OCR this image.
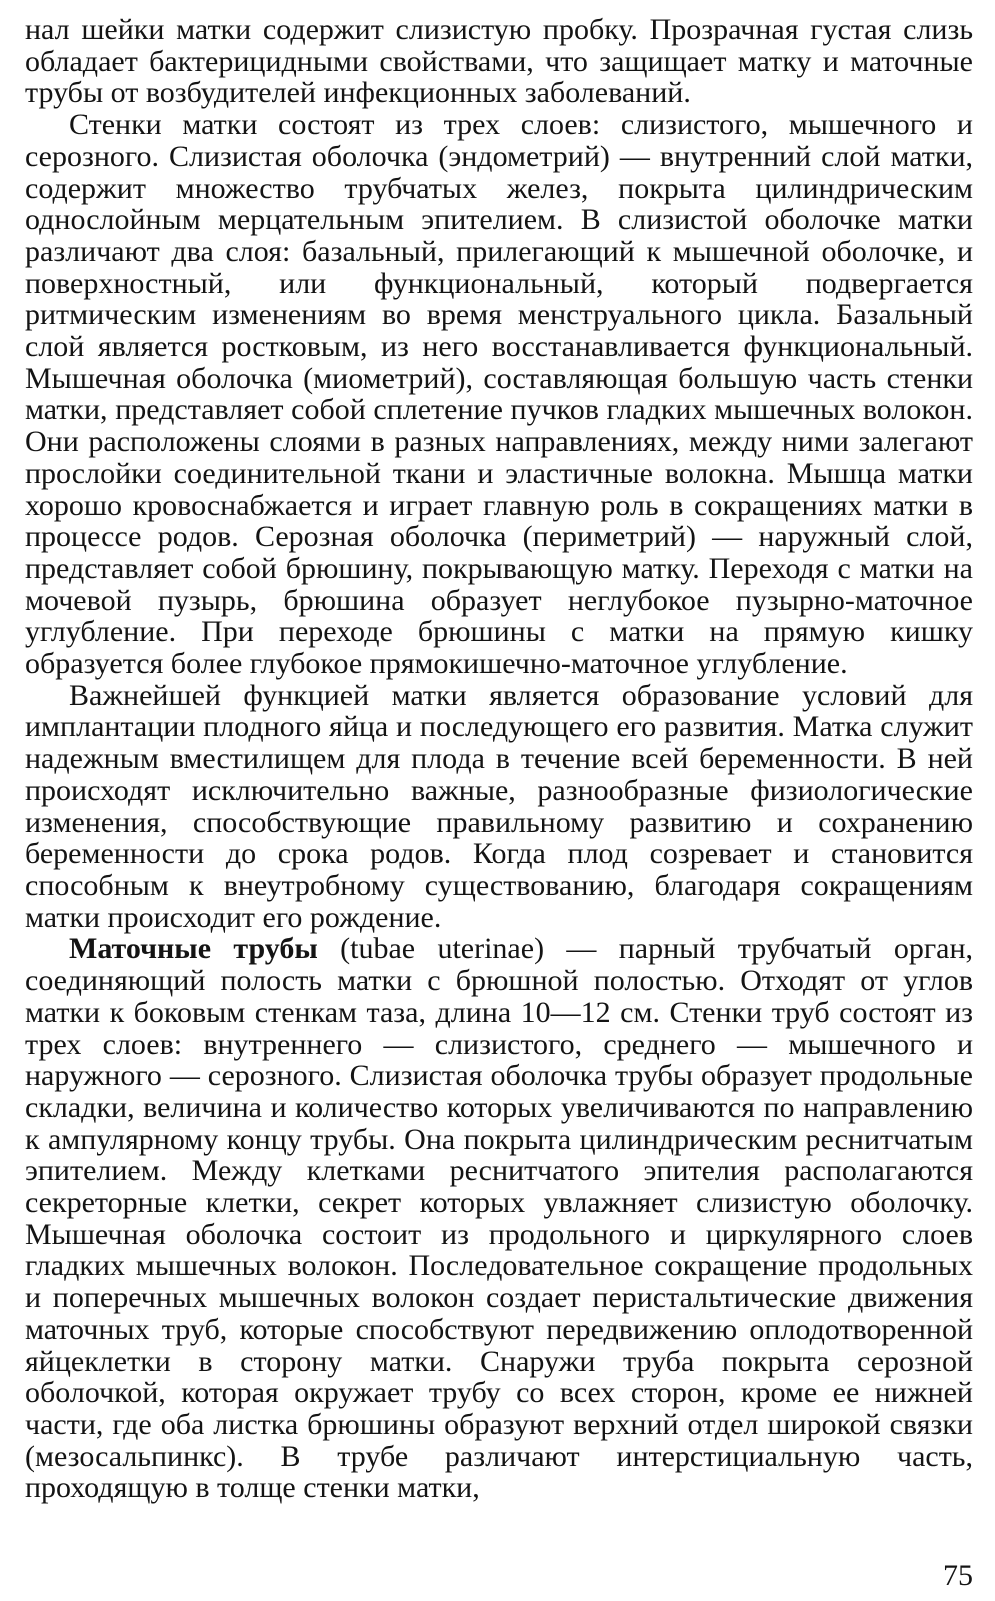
нал шейки матки содержит слизистую пробку. Прозрачная густая слизь обладает бактерицидными свойствами, что защищает матку и маточные трубы от возбудителей инфекционных заболеваний.

Стенки матки состоят из трех слоев: слизистого, мышечного и серозного. Слизистая оболочка (эндометрий) — внутренний слой матки, содержит множество трубчатых желез, покрыта цилиндрическим однослойным мерцательным эпителием. В слизистой оболочке матки различают два слоя: базальный, прилегающий к мышечной оболочке, и поверхностный, или функциональный, который подвергается ритмическим изменениям во время менструального цикла. Базальный слой является ростковым, из него восстанавливается функциональный. Мышечная оболочка (миометрий), составляющая большую часть стенки матки, представляет собой сплетение пучков гладких мышечных волокон. Они расположены слоями в разных направлениях, между ними залегают прослойки соединительной ткани и эластичные волокна. Мышца матки хорошо кровоснабжается и играет главную роль в сокращениях матки в процессе родов. Серозная оболочка (периметрий) — наружный слой, представляет собой брюшину, покрывающую матку. Переходя с матки на мочевой пузырь, брюшина образует неглубокое пузырно-маточное углубление. При переходе брюшины с матки на прямую кишку образуется более глубокое прямокишечно-маточное углубление.

Важнейшей функцией матки является образование условий для имплантации плодного яйца и последующего его развития. Матка служит надежным вместилищем для плода в течение всей беременности. В ней происходят исключительно важные, разнообразные физиологические изменения, способствующие правильному развитию и сохранению беременности до срока родов. Когда плод созревает и становится способным к внеутробному существованию, благодаря сокращениям матки происходит его рождение.

Маточные трубы (tubae uterinae) — парный трубчатый орган, соединяющий полость матки с брюшной полостью. Отходят от углов матки к боковым стенкам таза, длина 10—12 см. Стенки труб состоят из трех слоев: внутреннего — слизистого, среднего — мышечного и наружного — серозного. Слизистая оболочка трубы образует продольные складки, величина и количество которых увеличиваются по направлению к ампулярному концу трубы. Она покрыта цилиндрическим реснитчатым эпителием. Между клетками реснитчатого эпителия располагаются секреторные клетки, секрет которых увлажняет слизистую оболочку. Мышечная оболочка состоит из продольного и циркулярного слоев гладких мышечных волокон. Последовательное сокращение продольных и поперечных мышечных волокон создает перистальтические движения маточных труб, которые способствуют передвижению оплодотворенной яйцеклетки в сторону матки. Снаружи труба покрыта серозной оболочкой, которая окружает трубу со всех сторон, кроме ее нижней части, где оба листка брюшины образуют верхний отдел широкой связки (мезосальпинкс). В трубе различают интерстициальную часть, проходящую в толще стенки матки,

75
